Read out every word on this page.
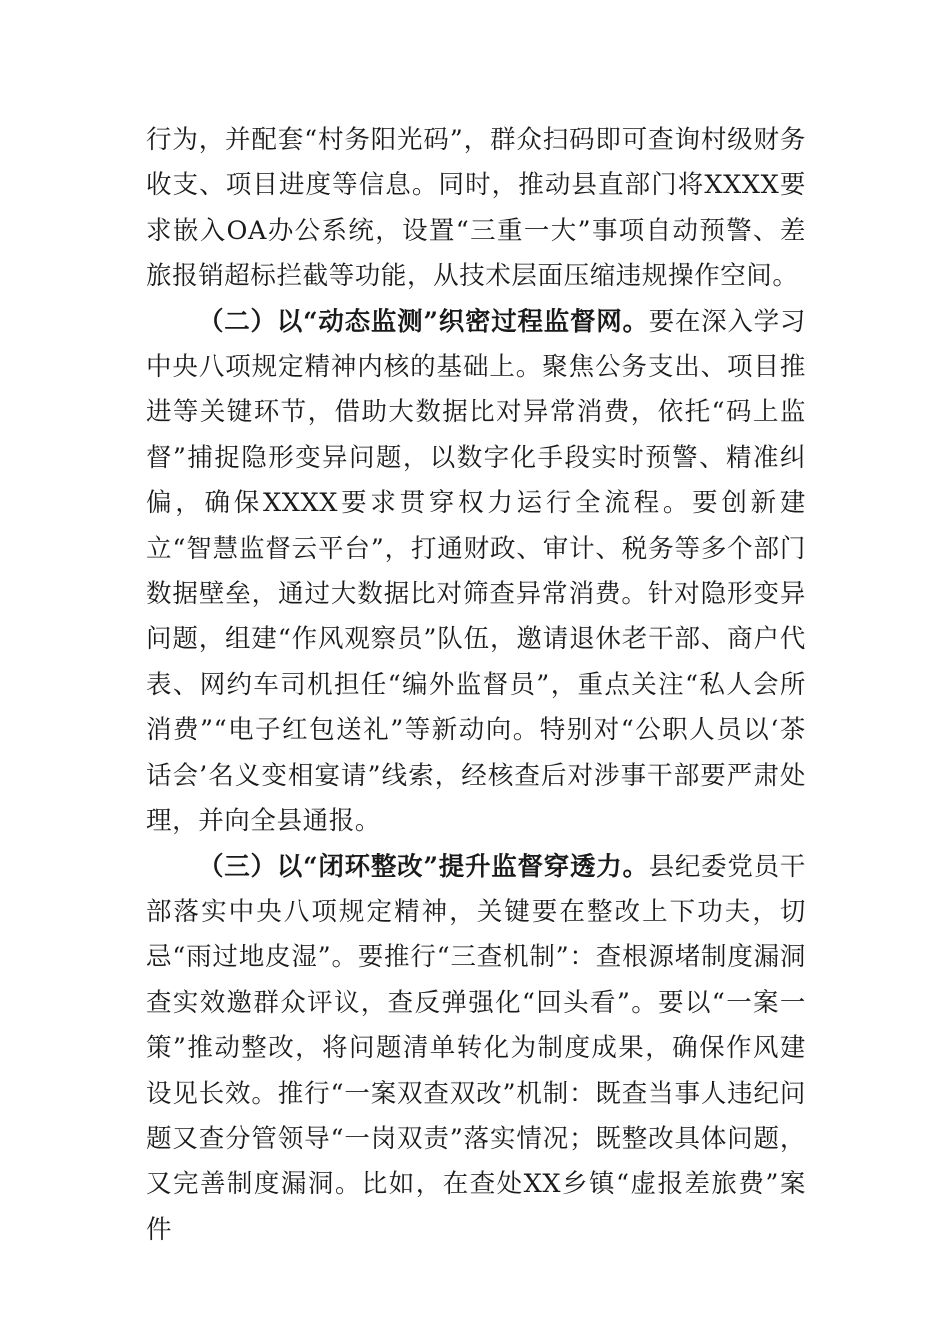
行为，并配套“村务阳光码”，群众扫码即可查询村级财务收支、项目进度等信息。同时，推动县直部门将XXXX要求嵌入OA办公系统，设置“三重一大”事项自动预警、差旅报销超标拦截等功能，从技术层面压缩违规操作空间。

（二）以“动态监测”织密过程监督网。要在深入学习中央八项规定精神内核的基础上。聚焦公务支出、项目推进等关键环节，借助大数据比对异常消费，依托“码上监督”捕捉隐形变异问题，以数字化手段实时预警、精准纠偏，确保XXXX要求贯穿权力运行全流程。要创新建立“智慧监督云平台”，打通财政、审计、税务等多个部门数据壁垒，通过大数据比对筛查异常消费。针对隐形变异问题，组建“作风观察员”队伍，邀请退休老干部、商户代表、网约车司机担任“编外监督员”，重点关注“私人会所消费”“电子红包送礼”等新动向。特别对“公职人员以‘茶话会’名义变相宴请”线索，经核查后对涉事干部要严肃处理，并向全县通报。

（三）以“闭环整改”提升监督穿透力。县纪委党员干部落实中央八项规定精神，关键要在整改上下功夫，切忌“雨过地皮湿”。要推行“三查机制”：查根源堵制度漏洞查实效邀群众评议，查反弹强化“回头看”。要以“一案一策”推动整改，将问题清单转化为制度成果，确保作风建设见长效。推行“一案双查双改”机制：既查当事人违纪问题又查分管领导“一岗双责”落实情况；既整改具体问题，又完善制度漏洞。比如，在查处XX乡镇“虚报差旅费”案件
